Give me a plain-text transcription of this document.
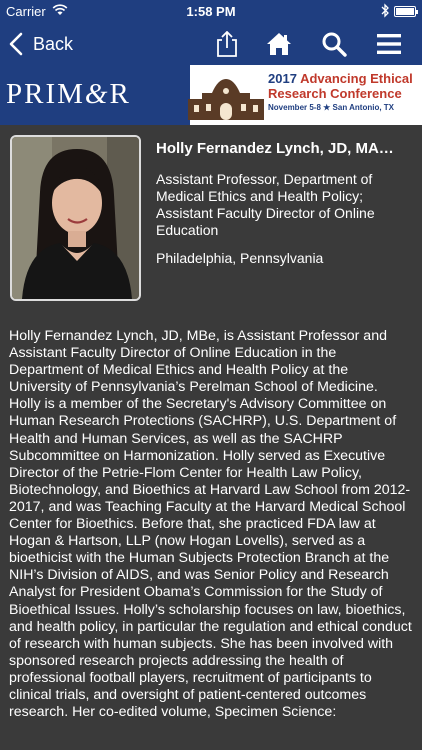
Carrier	1:58 PM
Back
PRIM&R	2017 Advancing Ethical Research Conference
November 5-8 ★ San Antonio, TX
Holly Fernandez Lynch, JD, MA…
Assistant Professor, Department of Medical Ethics and Health Policy; Assistant Faculty Director of Online Education
Philadelphia, Pennsylvania
Holly Fernandez Lynch, JD, MBe, is Assistant Professor and Assistant Faculty Director of Online Education in the Department of Medical Ethics and Health Policy at the University of Pennsylvania’s Perelman School of Medicine. Holly is a member of the Secretary's Advisory Committee on Human Research Protections (SACHRP), U.S. Department of Health and Human Services, as well as the SACHRP Subcommittee on Harmonization. Holly served as Executive Director of the Petrie-Flom Center for Health Law Policy, Biotechnology, and Bioethics at Harvard Law School from 2012-2017, and was Teaching Faculty at the Harvard Medical School Center for Bioethics. Before that, she practiced FDA law at Hogan & Hartson, LLP (now Hogan Lovells), served as a bioethicist with the Human Subjects Protection Branch at the NIH’s Division of AIDS, and was Senior Policy and Research Analyst for President Obama’s Commission for the Study of Bioethical Issues. Holly’s scholarship focuses on law, bioethics, and health policy, in particular the regulation and ethical conduct of research with human subjects. She has been involved with sponsored research projects addressing the health of professional football players, recruitment of participants to clinical trials, and oversight of patient-centered outcomes research. Her co-edited volume, Specimen Science:
